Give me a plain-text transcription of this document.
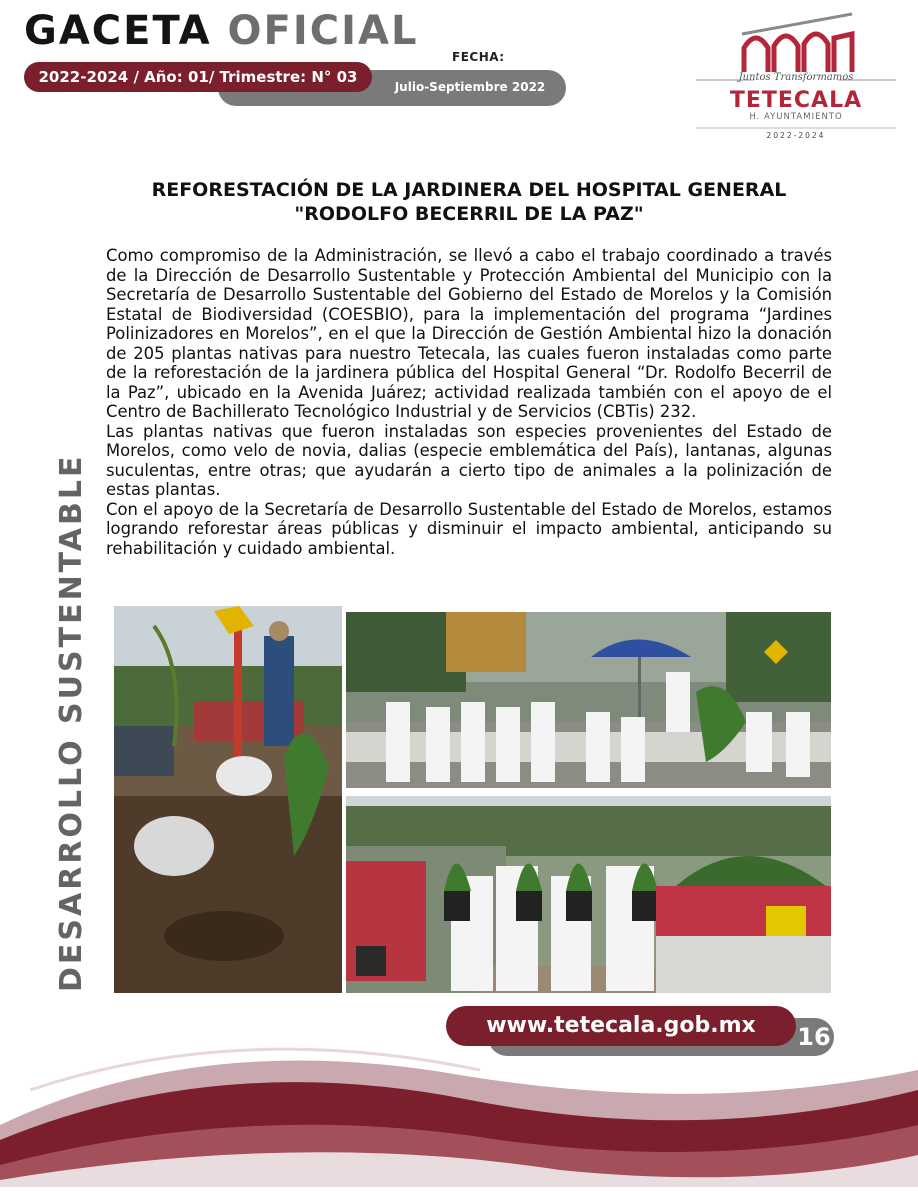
GACETA OFICIAL
2022-2024 / Año: 01/ Trimestre: N° 03
FECHA:
Julio-Septiembre 2022
Juntos Transformamos
TETECALA
H. AYUNTAMIENTO
2022-2024
REFORESTACIÓN DE LA JARDINERA DEL HOSPITAL GENERAL
"RODOLFO BECERRIL DE LA PAZ"

Como compromiso de la Administración, se llevó a cabo el trabajo coordinado a través de la Dirección de Desarrollo Sustentable y Protección Ambiental del Municipio con la Secretaría de Desarrollo Sustentable del Gobierno del Estado de Morelos y la Comisión Estatal de Biodiversidad (COESBIO), para la implementación del programa “Jardines Polinizadores en Morelos”, en el que la Dirección de Gestión Ambiental hizo la donación de 205 plantas nativas para nuestro Tetecala, las cuales fueron instaladas como parte de la reforestación de la jardinera pública del Hospital General “Dr. Rodolfo Becerril de la Paz”, ubicado en la Avenida Juárez; actividad realizada también con el apoyo de el Centro de Bachillerato Tecnológico Industrial y de Servicios (CBTis) 232.

Las plantas nativas que fueron instaladas son especies provenientes del Estado de Morelos, como velo de novia, dalias (especie emblemática del País), lantanas, algunas suculentas, entre otras; que ayudarán a cierto tipo de animales a la polinización de estas plantas.

Con el apoyo de la Secretaría de Desarrollo Sustentable del Estado de Morelos, estamos logrando reforestar áreas públicas y disminuir el impacto ambiental, anticipando su rehabilitación y cuidado ambiental.

DESARROLLO SUSTENTABLE
www.tetecala.gob.mx	16
